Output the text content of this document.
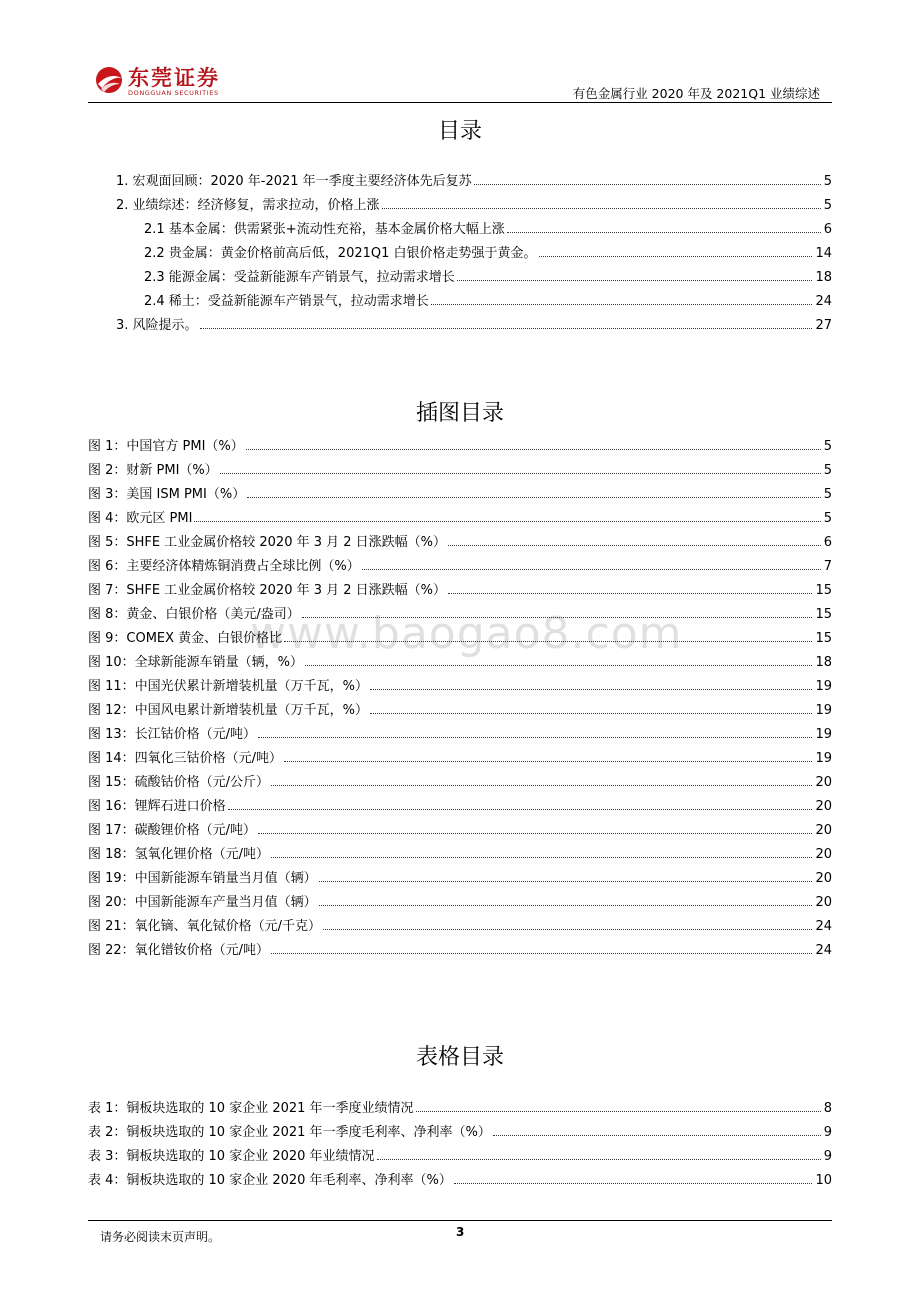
东莞证券
DONGGUAN SECURITIES	有色金属行业 2020 年及 2021Q1 业绩综述
www.baogao8.com
目录
1. 宏观面回顾：2020 年-2021 年一季度主要经济体先后复苏	5
2. 业绩综述：经济修复，需求拉动，价格上涨	5
2.1 基本金属：供需紧张+流动性充裕，基本金属价格大幅上涨	6
2.2 贵金属：黄金价格前高后低，2021Q1 白银价格走势强于黄金。	14
2.3 能源金属：受益新能源车产销景气，拉动需求增长	18
2.4 稀土：受益新能源车产销景气，拉动需求增长	24
3. 风险提示。	27
插图目录
图 1：中国官方 PMI（%）	5
图 2：财新 PMI（%）	5
图 3：美国 ISM PMI（%）	5
图 4：欧元区 PMI	5
图 5：SHFE 工业金属价格较 2020 年 3 月 2 日涨跌幅（%）	6
图 6：主要经济体精炼铜消费占全球比例（%）	7
图 7：SHFE 工业金属价格较 2020 年 3 月 2 日涨跌幅（%）	15
图 8：黄金、白银价格（美元/盎司）	15
图 9：COMEX 黄金、白银价格比	15
图 10：全球新能源车销量（辆，%）	18
图 11：中国光伏累计新增装机量（万千瓦，%）	19
图 12：中国风电累计新增装机量（万千瓦，%）	19
图 13：长江钴价格（元/吨）	19
图 14：四氧化三钴价格（元/吨）	19
图 15：硫酸钴价格（元/公斤）	20
图 16：锂辉石进口价格	20
图 17：碳酸锂价格（元/吨）	20
图 18：氢氧化锂价格（元/吨）	20
图 19：中国新能源车销量当月值（辆）	20
图 20：中国新能源车产量当月值（辆）	20
图 21：氧化镝、氧化铽价格（元/千克）	24
图 22：氧化镨钕价格（元/吨）	24
表格目录
表 1：铜板块选取的 10 家企业 2021 年一季度业绩情况	8
表 2：铜板块选取的 10 家企业 2021 年一季度毛利率、净利率（%）	9
表 3：铜板块选取的 10 家企业 2020 年业绩情况	9
表 4：铜板块选取的 10 家企业 2020 年毛利率、净利率（%）	10
请务必阅读末页声明。	3
